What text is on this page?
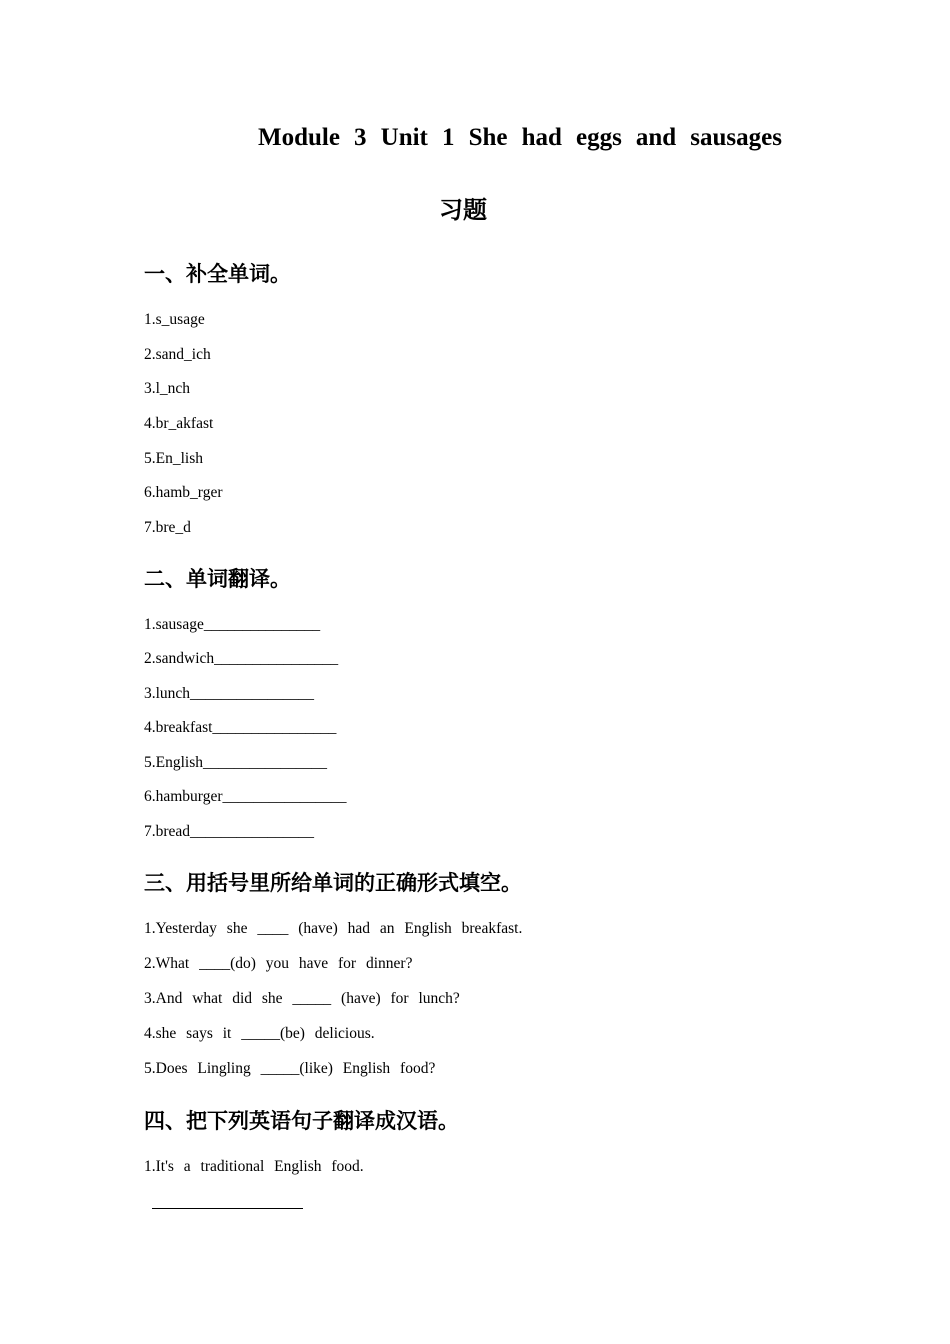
Module 3 Unit 1 She had eggs and sausages
习题
一、补全单词。
1.s_usage
2.sand_ich
3.l_nch
4.br_akfast
5.En_lish
6.hamb_rger
7.bre_d
二、单词翻译。
1.sausage_______________
2.sandwich________________
3.lunch________________
4.breakfast________________
5.English________________
6.hamburger________________
7.bread________________
三、用括号里所给单词的正确形式填空。
1.Yesterday she ____ (have) had an English breakfast.
2.What ____(do) you have for dinner?
3.And what did she _____ (have) for lunch?
4.she says it _____(be) delicious.
5.Does Lingling _____(like) English food?
四、把下列英语句子翻译成汉语。
1.It's a traditional English food.
